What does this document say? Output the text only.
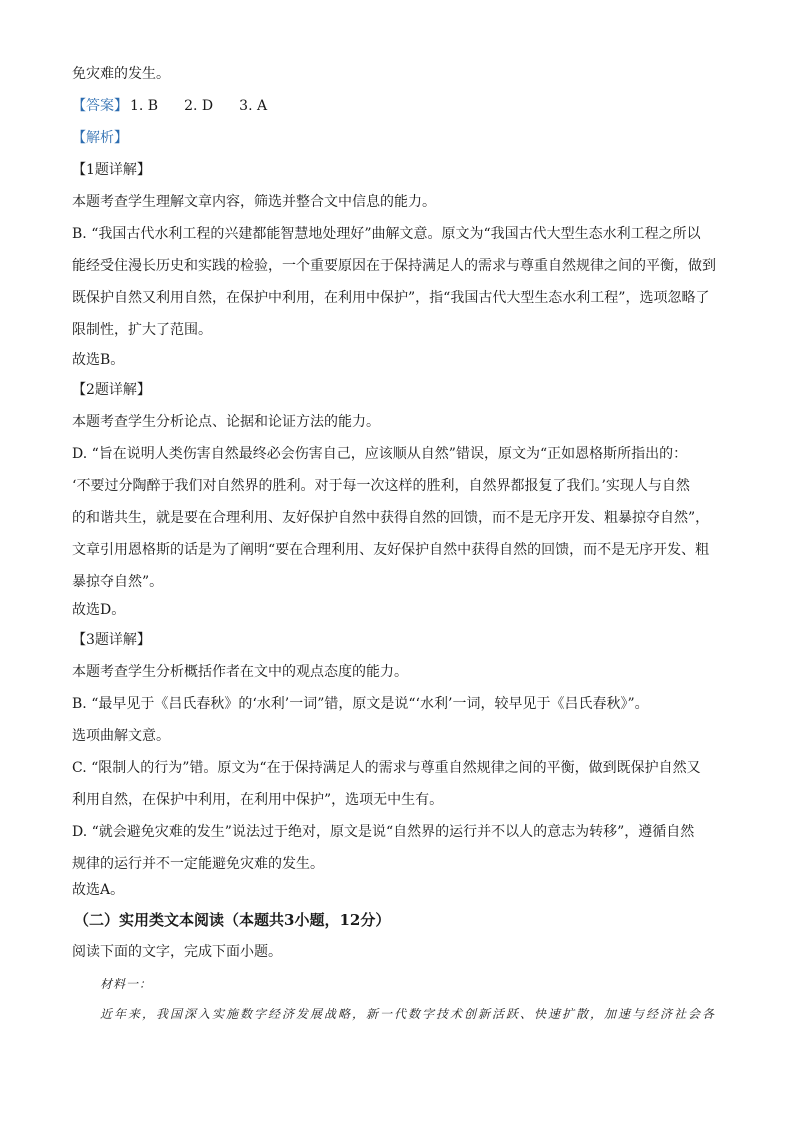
免灾难的发生。
【答案】 1. B 2. D 3. A
【解析】
【1题详解】
本题考查学生理解文章内容，筛选并整合文中信息的能力。
B. “我国古代水利工程的兴建都能智慧地处理好”曲解文意。原文为“我国古代大型生态水利工程之所以
能经受住漫长历史和实践的检验，一个重要原因在于保持满足人的需求与尊重自然规律之间的平衡，做到
既保护自然又利用自然，在保护中利用，在利用中保护”，指“我国古代大型生态水利工程”，选项忽略了
限制性，扩大了范围。
故选B。
【2题详解】
本题考查学生分析论点、论据和论证方法的能力。
D. “旨在说明人类伤害自然最终必会伤害自己，应该顺从自然”错误，原文为“正如恩格斯所指出的：
‘不要过分陶醉于我们对自然界的胜利。对于每一次这样的胜利，自然界都报复了我们。’实现人与自然
的和谐共生，就是要在合理利用、友好保护自然中获得自然的回馈，而不是无序开发、粗暴掠夺自然”，
文章引用恩格斯的话是为了阐明“要在合理利用、友好保护自然中获得自然的回馈，而不是无序开发、粗
暴掠夺自然”。
故选D。
【3题详解】
本题考查学生分析概括作者在文中的观点态度的能力。
B. “最早见于《吕氏春秋》的‘水利’一词”错，原文是说“‘水利’一词，较早见于《吕氏春秋》”。
选项曲解文意。
C. “限制人的行为”错。原文为“在于保持满足人的需求与尊重自然规律之间的平衡，做到既保护自然又
利用自然，在保护中利用，在利用中保护”，选项无中生有。
D. “就会避免灾难的发生”说法过于绝对，原文是说“自然界的运行并不以人的意志为转移”，遵循自然
规律的运行并不一定能避免灾难的发生。
故选A。
（二）实用类文本阅读（本题共3小题，12分）
阅读下面的文字，完成下面小题。
材料一：
近年来，我国深入实施数字经济发展战略，新一代数字技术创新活跃、快速扩散，加速与经济社会各
